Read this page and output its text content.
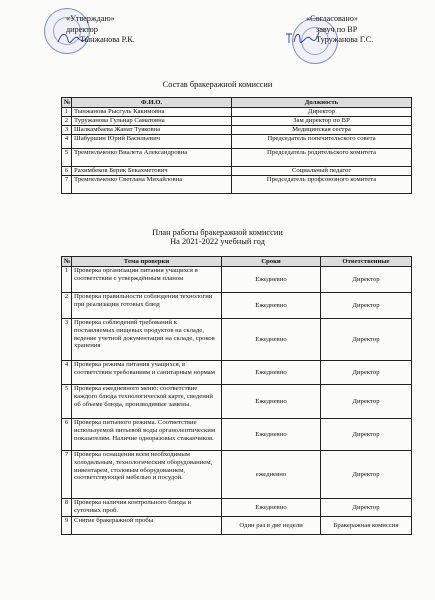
«Утверждаю»
директор
Тынжанова Р.К.
«Согласовано»
завуч по ВР
Туружанова Г.С.
Состав бракеражной комиссии
№	Ф.И.О.	Должность
1	Тынжанова Рысгуль Какимовна	Директор
2	Туружанова Гульнар Саматовна	Зам директор по ВР
3	Шалкамбаева Жанат Туяковна	Медицинская сестра
4	Шабуршин Юрий Васильевич	Председатель попечительского совета
5	Тремпельченко Виалета Александровна	Председатель родительского комитета
6	Рахимбеков Берик Бекахметович	Социальный педагог
7	Тремпельченко Светлана Михайловна	Председатель профсоюзного комитета
План работы бракеражной комиссии
На 2021-2022 учебный год
№	Тема проверки	Сроки	Ответственные
1	Проверка организации питания учащихся в соответствии с утверждённым планом	Ежедневно	Директор
2	Проверка правильности соблюдения технологии при реализации готовых блюд	Ежедневно	Директор
3	Проверка соблюдений требований к поставляемых пищевых продуктов на складе, ведение учетной документации на складе, сроков хранения	Ежедневно	Директор
4	Проверка режима питания учащихся, в соответствии требованиям и санитарным нормам	Ежедневно	Директор
5	Проверка ежедневного меню: соответствие каждого блюда технологической карте, сведений об объеме блюда, производимые замены.	Ежедневно	Директор
6	Проверка питьевого режима. Соответствие используемой питьевой воды органолептическим показателям. Наличие одноразовых стаканчиков.	Ежедневно	Директор
7	Проверка оснащения всем необходимым холодильным, технологическим оборудованием, инвентарем, столовым оборудованием, соответствующей мебелью и посудой.	ежедневно	Директор
8	Проверка наличия контрольного блюда и суточных проб.	Ежедневно	Директор
9	Снятие бракеражной пробы	Один раз в две недели	Бракеражная комиссия
